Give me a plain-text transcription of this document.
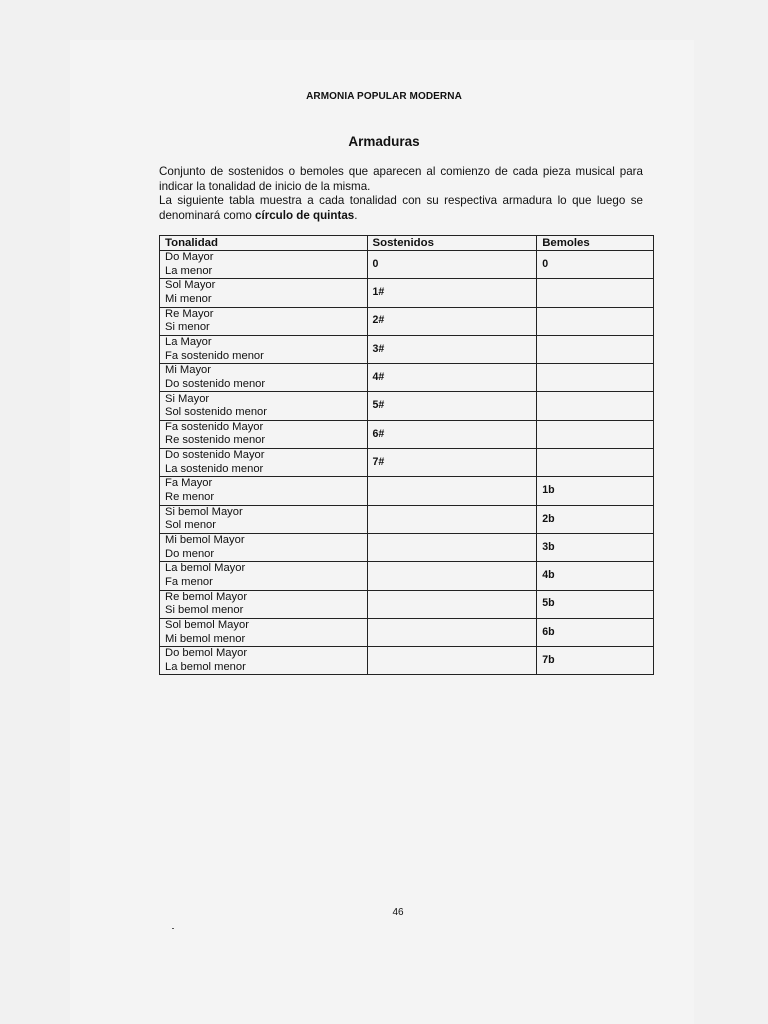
ARMONIA POPULAR MODERNA
Armaduras

Conjunto de sostenidos o bemoles que aparecen al comienzo de cada pieza musical para

indicar la tonalidad de inicio de la misma.

La siguiente tabla muestra a cada tonalidad con su respectiva armadura lo que luego se

denominará como círculo de quintas.

Tonalidad	Sostenidos	Bemoles

Do Mayor
La menor	0	0

Sol Mayor
Mi menor	1#	

Re Mayor
Si menor	2#	

La Mayor
Fa sostenido menor	3#	

Mi Mayor
Do sostenido menor	4#	

Si Mayor
Sol sostenido menor	5#	

Fa sostenido Mayor
Re sostenido menor	6#	

Do sostenido Mayor
La sostenido menor	7#	

Fa Mayor
Re menor		1b

Si bemol Mayor
Sol menor		2b

Mi bemol Mayor
Do menor		3b

La bemol Mayor
Fa menor		4b

Re bemol Mayor
Si bemol menor		5b

Sol bemol Mayor
Mi bemol menor		6b

Do bemol Mayor
La bemol menor		7b
46
